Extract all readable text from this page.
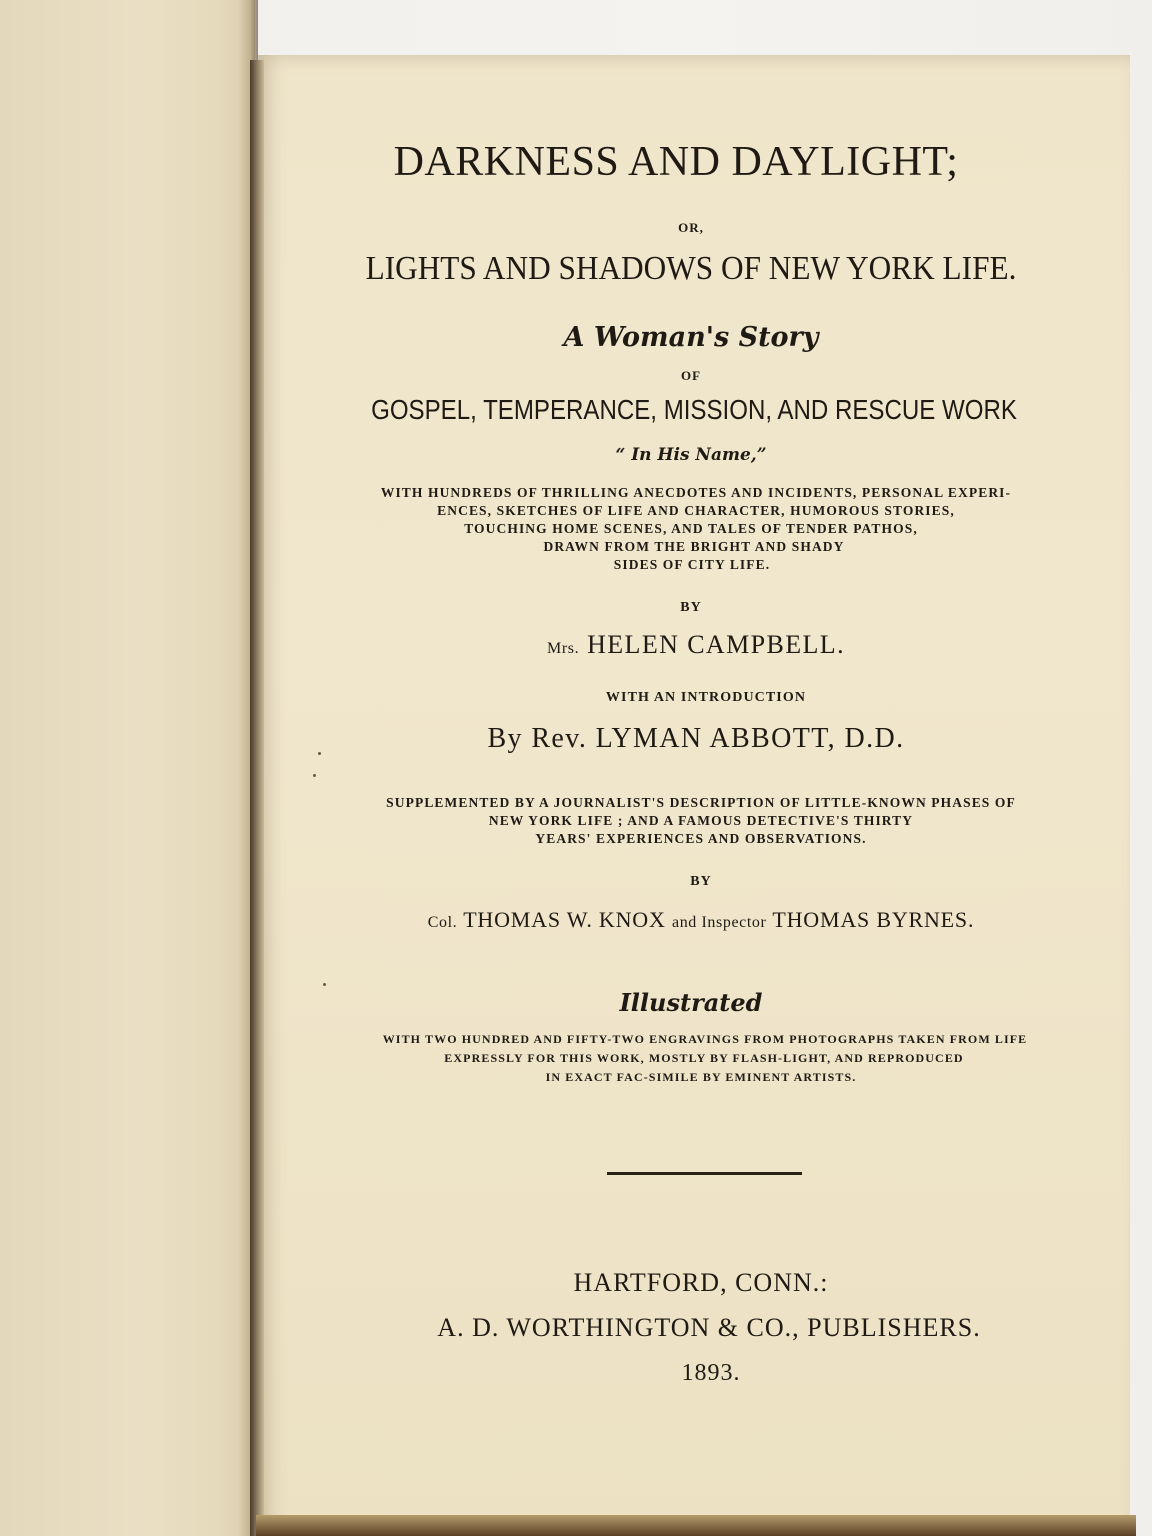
DARKNESS AND DAYLIGHT;
OR,
LIGHTS AND SHADOWS OF NEW YORK LIFE.
A Woman's Story
OF
GOSPEL, TEMPERANCE, MISSION, AND RESCUE WORK
“ In His Name,”
WITH HUNDREDS OF THRILLING ANECDOTES AND INCIDENTS, PERSONAL EXPERI-
ENCES, SKETCHES OF LIFE AND CHARACTER, HUMOROUS STORIES,
TOUCHING HOME SCENES, AND TALES OF TENDER PATHOS,
DRAWN FROM THE BRIGHT AND SHADY
SIDES OF CITY LIFE.
BY
Mrs. HELEN CAMPBELL.
WITH AN INTRODUCTION
By Rev. LYMAN ABBOTT, D.D.
SUPPLEMENTED BY A JOURNALIST'S DESCRIPTION OF LITTLE-KNOWN PHASES OF
NEW YORK LIFE ; AND A FAMOUS DETECTIVE'S THIRTY
YEARS' EXPERIENCES AND OBSERVATIONS.
BY
Col. THOMAS W. KNOX and Inspector THOMAS BYRNES.
Illustrated
WITH TWO HUNDRED AND FIFTY-TWO ENGRAVINGS FROM PHOTOGRAPHS TAKEN FROM LIFE
EXPRESSLY FOR THIS WORK, MOSTLY BY FLASH-LIGHT, AND REPRODUCED
IN EXACT FAC-SIMILE BY EMINENT ARTISTS.
HARTFORD, CONN.:
A. D. WORTHINGTON & CO., PUBLISHERS.
1893.
